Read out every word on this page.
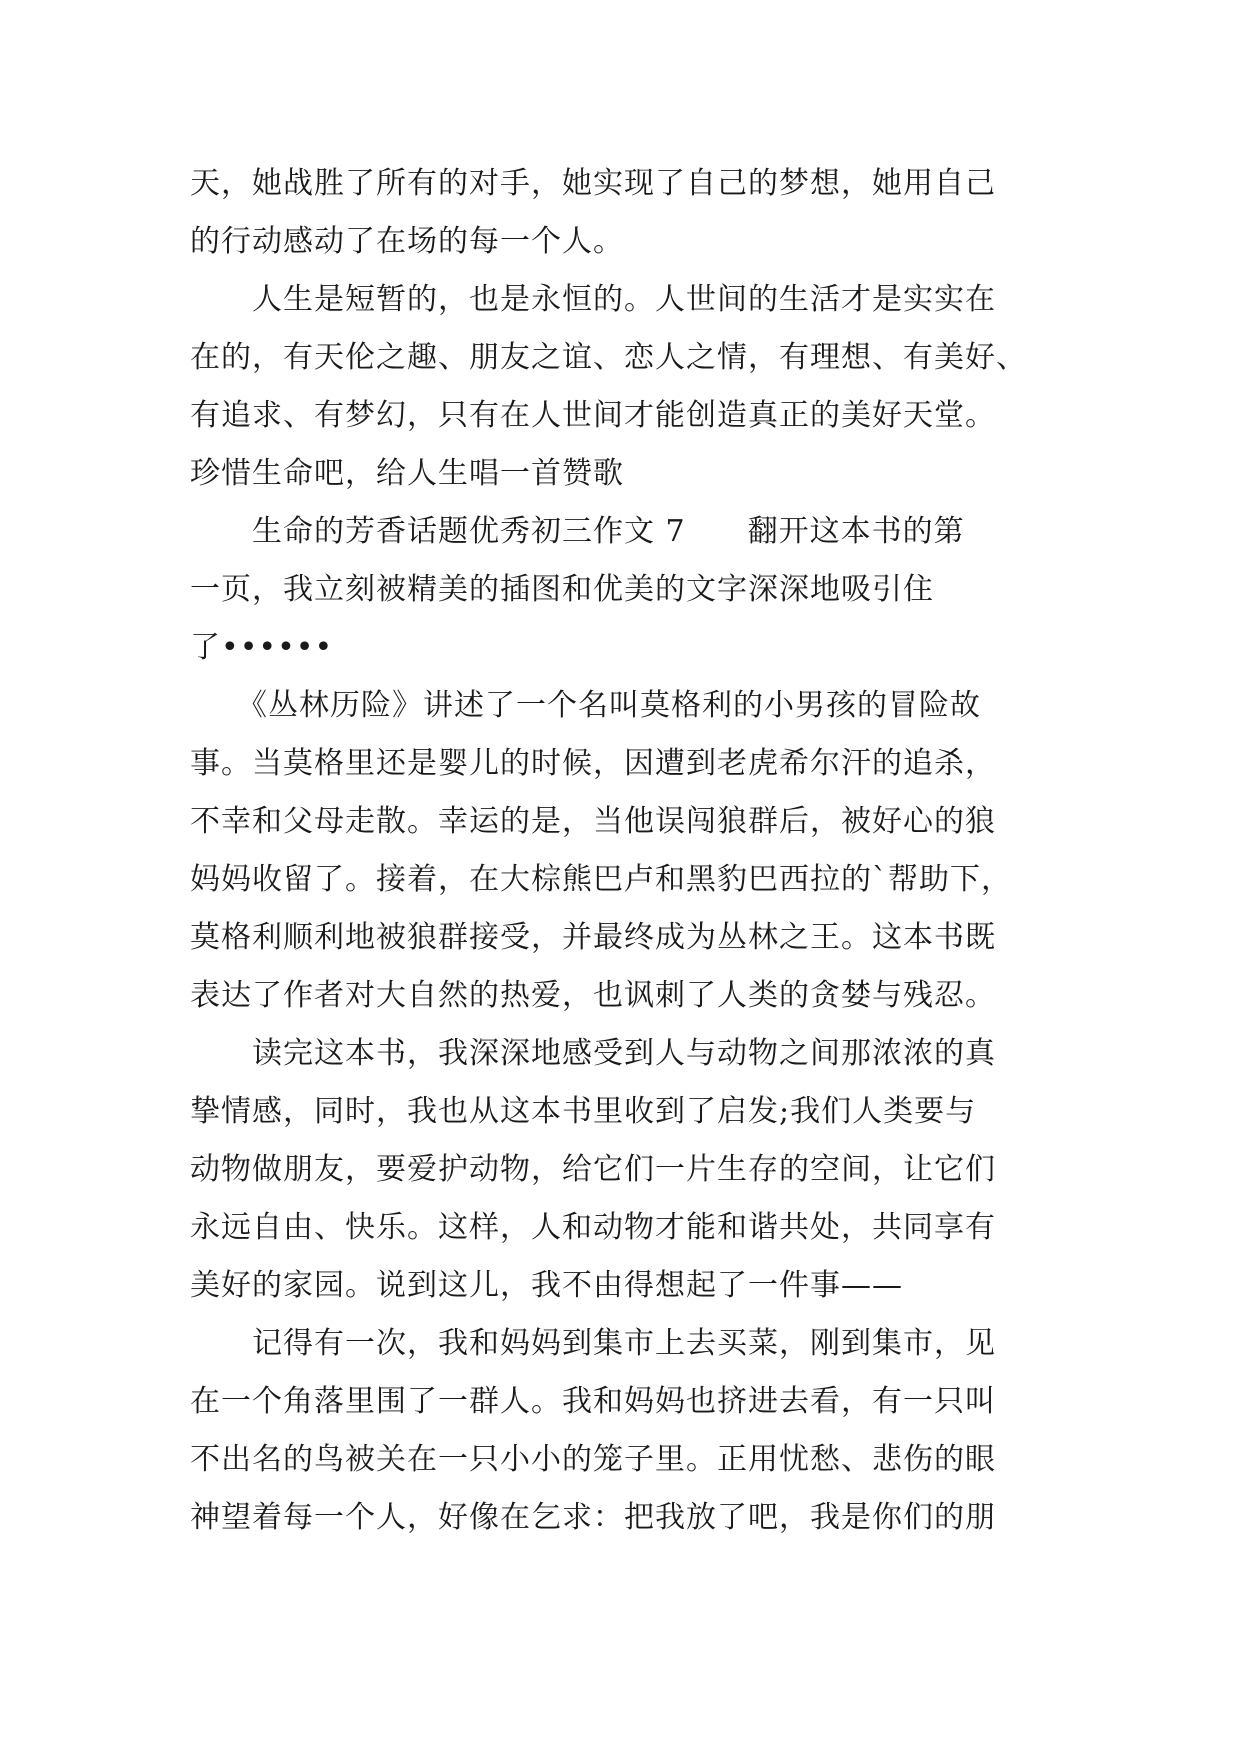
天，她战胜了所有的对手，她实现了自己的梦想，她用自己
的行动感动了在场的每一个人。
　　人生是短暂的，也是永恒的。人世间的生活才是实实在
在的，有天伦之趣、朋友之谊、恋人之情，有理想、有美好、
有追求、有梦幻，只有在人世间才能创造真正的美好天堂。
珍惜生命吧，给人生唱一首赞歌
　　生命的芳香话题优秀初三作文 7　　翻开这本书的第
一页，我立刻被精美的插图和优美的文字深深地吸引住
了••••••
　　《丛林历险》讲述了一个名叫莫格利的小男孩的冒险故
事。当莫格里还是婴儿的时候，因遭到老虎希尔汗的追杀，
不幸和父母走散。幸运的是，当他误闯狼群后，被好心的狼
妈妈收留了。接着，在大棕熊巴卢和黑豹巴西拉的`帮助下，
莫格利顺利地被狼群接受，并最终成为丛林之王。这本书既
表达了作者对大自然的热爱，也讽刺了人类的贪婪与残忍。
　　读完这本书，我深深地感受到人与动物之间那浓浓的真
挚情感，同时，我也从这本书里收到了启发;我们人类要与
动物做朋友，要爱护动物，给它们一片生存的空间，让它们
永远自由、快乐。这样，人和动物才能和谐共处，共同享有
美好的家园。说到这儿，我不由得想起了一件事——
　　记得有一次，我和妈妈到集市上去买菜，刚到集市，见
在一个角落里围了一群人。我和妈妈也挤进去看，有一只叫
不出名的鸟被关在一只小小的笼子里。正用忧愁、悲伤的眼
神望着每一个人，好像在乞求：把我放了吧，我是你们的朋
